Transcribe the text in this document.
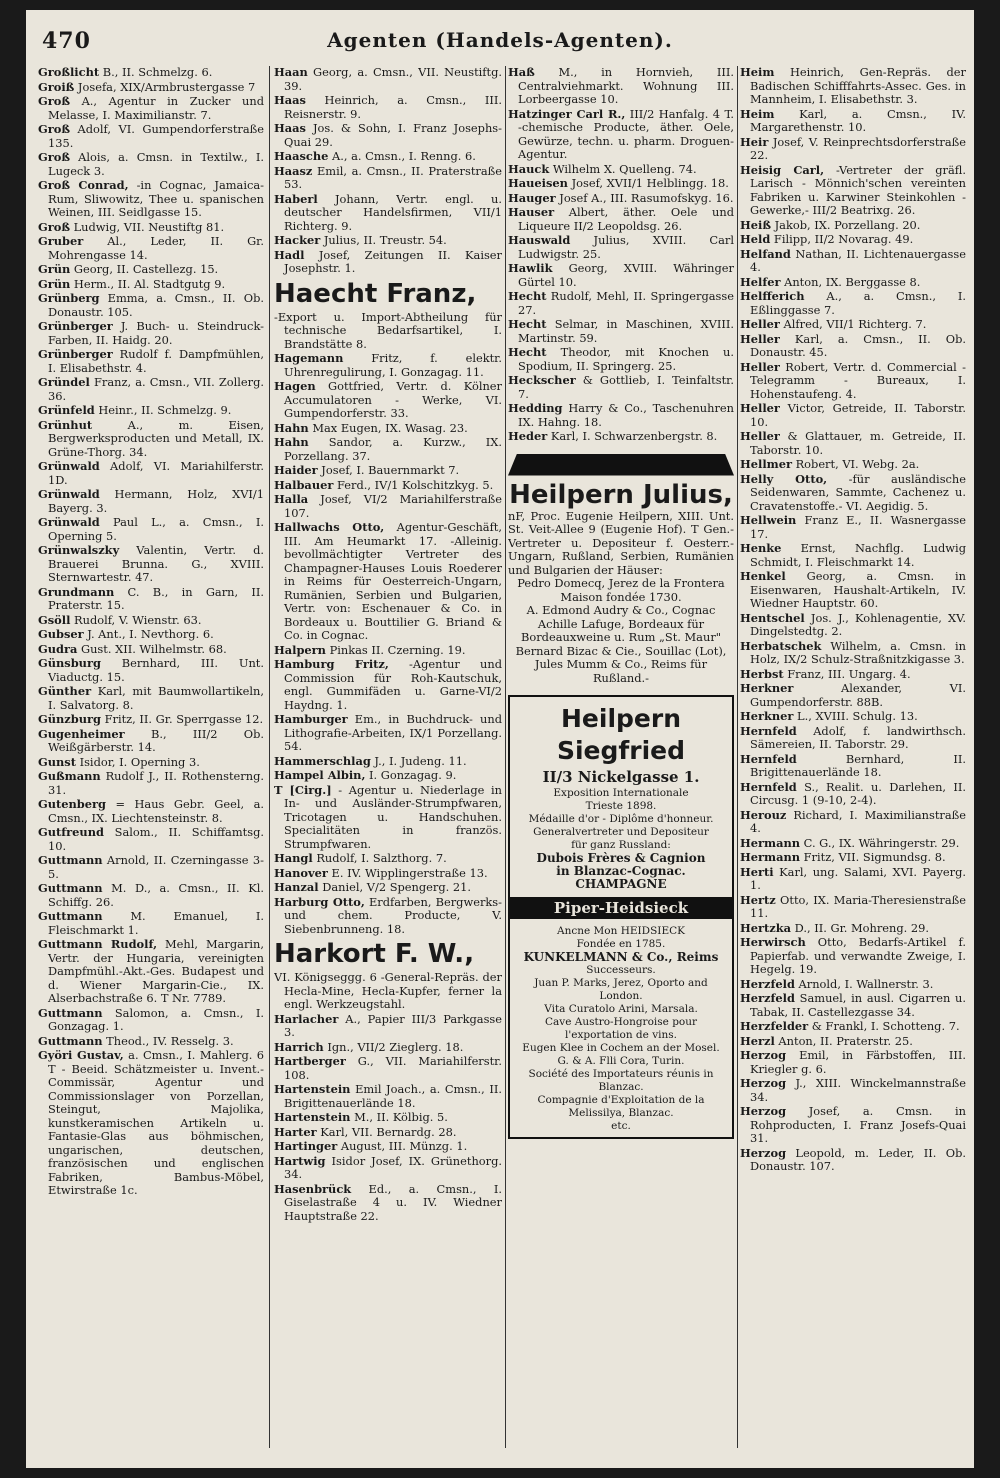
470	Agenten (Handels-Agenten).
Großlicht B., II. Schmelzg. 6.
Groiß Josefa, XIX/Armbrustergasse 7
Groß A., Agentur in Zucker und Melasse, I. Maximilianstr. 7.
Groß Adolf, VI. Gumpendorferstraße 135.
Groß Alois, a. Cmsn. in Textilw., I. Lugeck 3.
Groß Conrad, -in Cognac, Jamaica-Rum, Sliwowitz, Thee u. spanischen Weinen, III. Seidlgasse 15.
Groß Ludwig, VII. Neustiftg 81.
Gruber Al., Leder, II. Gr. Mohrengasse 14.
Grün Georg, II. Castellezg. 15.
Grün Herm., II. Al. Stadtgutg 9.
Grünberg Emma, a. Cmsn., II. Ob. Donaustr. 105.
Grünberger J. Buch- u. Steindruck-Farben, II. Haidg. 20.
Grünberger Rudolf f. Dampfmühlen, I. Elisabethstr. 4.
Gründel Franz, a. Cmsn., VII. Zollerg. 36.
Grünfeld Heinr., II. Schmelzg. 9.
Grünhut A., m. Eisen, Bergwerksproducten und Metall, IX. Grüne-Thorg. 34.
Grünwald Adolf, VI. Mariahilferstr. 1D.
Grünwald Hermann, Holz, XVI/1 Bayerg. 3.
Grünwald Paul L., a. Cmsn., I. Operning 5.
Grünwalszky Valentin, Vertr. d. Brauerei Brunna. G., XVIII. Sternwartestr. 47.
Grundmann C. B., in Garn, II. Praterstr. 15.
Gsöll Rudolf, V. Wienstr. 63.
Gubser J. Ant., I. Nevthorg. 6.
Gudra Gust. XII. Wilhelmstr. 68.
Günsburg Bernhard, III. Unt. Viaductg. 15.
Günther Karl, mit Baumwollartikeln, I. Salvatorg. 8.
Günzburg Fritz, II. Gr. Sperrgasse 12.
Gugenheimer B., III/2 Ob. Weißgärberstr. 14.
Gunst Isidor, I. Operning 3.
Gußmann Rudolf J., II. Rothensterng. 31.
Gutenberg = Haus Gebr. Geel, a. Cmsn., IX. Liechtensteinstr. 8.
Gutfreund Salom., II. Schiffamtsg. 10.
Guttmann Arnold, II. Czerningasse 3-5.
Guttmann M. D., a. Cmsn., II. Kl. Schiffg. 26.
Guttmann M. Emanuel, I. Fleischmarkt 1.
Guttmann Rudolf, Mehl, Margarin, Vertr. der Hungaria, vereinigten Dampfmühl.-Akt.-Ges. Budapest und d. Wiener Margarin-Cie., IX. Alserbachstraße 6. T Nr. 7789.
Guttmann Salomon, a. Cmsn., I. Gonzagag. 1.
Guttmann Theod., IV. Resselg. 3.
Györi Gustav, a. Cmsn., I. Mahlerg. 6 T - Beeid. Schätzmeister u. Invent.-Commissär, Agentur und Commissionslager von Porzellan, Steingut, Majolika, kunstkeramischen Artikeln u. Fantasie-Glas aus böhmischen, ungarischen, deutschen, französischen und englischen Fabriken, Bambus-Möbel, Etwirstraße 1c.
Haan Georg, a. Cmsn., VII. Neustiftg. 39.
Haas Heinrich, a. Cmsn., III. Reisnerstr. 9.
Haas Jos. & Sohn, I. Franz Josephs-Quai 29.
Haasche A., a. Cmsn., I. Renng. 6.
Haasz Emil, a. Cmsn., II. Praterstraße 53.
Haberl Johann, Vertr. engl. u. deutscher Handelsfirmen, VII/1 Richterg. 9.
Hacker Julius, II. Treustr. 54.
Hadl Josef, Zeitungen II. Kaiser Josephstr. 1.
Haecht Franz,
-Export u. Import-Abtheilung für technische Bedarfsartikel, I. Brandstätte 8.
Hagemann Fritz, f. elektr. Uhrenregulirung, I. Gonzagag. 11.
Hagen Gottfried, Vertr. d. Kölner Accumulatoren - Werke, VI. Gumpendorferstr. 33.
Hahn Max Eugen, IX. Wasag. 23.
Hahn Sandor, a. Kurzw., IX. Porzellang. 37.
Haider Josef, I. Bauernmarkt 7.
Halbauer Ferd., IV/1 Kolschitzkyg. 5.
Halla Josef, VI/2 Mariahilferstraße 107.
Hallwachs Otto, Agentur-Geschäft, III. Am Heumarkt 17. -Alleinig. bevollmächtigter Vertreter des Champagner-Hauses Louis Roederer in Reims für Oesterreich-Ungarn, Rumänien, Serbien und Bulgarien, Vertr. von: Eschenauer & Co. in Bordeaux u. Bouttilier G. Briand & Co. in Cognac.
Halpern Pinkas II. Czerning. 19.
Hamburg Fritz, -Agentur und Commission für Roh-Kautschuk, engl. Gummifäden u. Garne-VI/2 Haydng. 1.
Hamburger Em., in Buchdruck- und Lithografie-Arbeiten, IX/1 Porzellang. 54.
Hammerschlag J., I. Judeng. 11.
Hampel Albin, I. Gonzagag. 9.
T [Cirg.] - Agentur u. Niederlage in In- und Ausländer-Strumpfwaren, Tricotagen u. Handschuhen. Specialitäten in französ. Strumpfwaren.
Hangl Rudolf, I. Salzthorg. 7.
Hanover E. IV. Wipplingerstraße 13.
Hanzal Daniel, V/2 Spengerg. 21.
Harburg Otto, Erdfarben, Bergwerks- und chem. Producte, V. Siebenbrunneng. 18.
Harkort F. W.,
VI. Königseggg. 6 -General-Repräs. der Hecla-Mine, Hecla-Kupfer, ferner la engl. Werkzeugstahl.
Harlacher A., Papier III/3 Parkgasse 3.
Harrich Ign., VII/2 Zieglerg. 18.
Hartberger G., VII. Mariahilferstr. 108.
Hartenstein Emil Joach., a. Cmsn., II. Brigittenauerlände 18.
Hartenstein M., II. Kölbig. 5.
Harter Karl, VII. Bernardg. 28.
Hartinger August, III. Münzg. 1.
Hartwig Isidor Josef, IX. Grünethorg. 34.
Hasenbrück Ed., a. Cmsn., I. Giselastraße 4 u. IV. Wiedner Hauptstraße 22.
Haß M., in Hornvieh, III. Centralviehmarkt. Wohnung III. Lorbeergasse 10.
Hatzinger Carl R., III/2 Hanfalg. 4 T. -chemische Producte, äther. Oele, Gewürze, techn. u. pharm. Droguen-Agentur.
Hauck Wilhelm X. Quelleng. 74.
Haueisen Josef, XVII/1 Helblingg. 18.
Hauger Josef A., III. Rasumofskyg. 16.
Hauser Albert, äther. Oele und Liqueure II/2 Leopoldsg. 26.
Hauswald Julius, XVIII. Carl Ludwigstr. 25.
Hawlik Georg, XVIII. Währinger Gürtel 10.
Hecht Rudolf, Mehl, II. Springergasse 27.
Hecht Selmar, in Maschinen, XVIII. Martinstr. 59.
Hecht Theodor, mit Knochen u. Spodium, II. Springerg. 25.
Heckscher & Gottlieb, I. Teinfaltstr. 7.
Hedding Harry & Co., Taschenuhren IX. Hahng. 18.
Heder Karl, I. Schwarzenbergstr. 8.
Heilpern Julius,
nF, Proc. Eugenie Heilpern, XIII. Unt. St. Veit-Allee 9 (Eugenie Hof). T Gen.-Vertreter u. Depositeur f. Oesterr.-Ungarn, Rußland, Serbien, Rumänien und Bulgarien der Häuser:
Pedro Domecq, Jerez de la Frontera Maison fondée 1730.
A. Edmond Audry & Co., Cognac Achille Lafuge, Bordeaux für Bordeauxweine u. Rum „St. Maur" Bernard Bizac & Cie., Souillac (Lot), Jules Mumm & Co., Reims für Rußland.-
Heilpern Siegfried
II/3 Nickelgasse 1.
Exposition Internationale
Trieste 1898.
Médaille d'or - Diplôme d'honneur.
Generalvertreter und Depositeur
für ganz Russland:
Dubois Frères & Cagnion
in Blanzac-Cognac.
CHAMPAGNE
Piper-Heidsieck
Ancne Mon HEIDSIECK
Fondée en 1785.
KUNKELMANN & Co., Reims
Successeurs.
Juan P. Marks, Jerez, Oporto and London.
Vita Curatolo Arini, Marsala.
Cave Austro-Hongroise pour l'exportation de vins.
Eugen Klee in Cochem an der Mosel.
G. & A. Flli Cora, Turin.
Société des Importateurs réunis in Blanzac.
Compagnie d'Exploitation de la Melissilya, Blanzac.
etc.
Heim Heinrich, Gen-Repräs. der Badischen Schifffahrts-Assec. Ges. in Mannheim, I. Elisabethstr. 3.
Heim Karl, a. Cmsn., IV. Margarethenstr. 10.
Heir Josef, V. Reinprechtsdorferstraße 22.
Heisig Carl, -Vertreter der gräfl. Larisch - Mönnich'schen vereinten Fabriken u. Karwiner Steinkohlen - Gewerke,- III/2 Beatrixg. 26.
Heiß Jakob, IX. Porzellang. 20.
Held Filipp, II/2 Novarag. 49.
Helfand Nathan, II. Lichtenauergasse 4.
Helfer Anton, IX. Berggasse 8.
Helfferich A., a. Cmsn., I. Eßlinggasse 7.
Heller Alfred, VII/1 Richterg. 7.
Heller Karl, a. Cmsn., II. Ob. Donaustr. 45.
Heller Robert, Vertr. d. Commercial - Telegramm - Bureaux, I. Hohenstaufeng. 4.
Heller Victor, Getreide, II. Taborstr. 10.
Heller & Glattauer, m. Getreide, II. Taborstr. 10.
Hellmer Robert, VI. Webg. 2a.
Helly Otto, -für ausländische Seidenwaren, Sammte, Cachenez u. Cravatenstoffe.- VI. Aegidig. 5.
Hellwein Franz E., II. Wasnergasse 17.
Henke Ernst, Nachflg. Ludwig Schmidt, I. Fleischmarkt 14.
Henkel Georg, a. Cmsn. in Eisenwaren, Haushalt-Artikeln, IV. Wiedner Hauptstr. 60.
Hentschel Jos. J., Kohlenagentie, XV. Dingelstedtg. 2.
Herbatschek Wilhelm, a. Cmsn. in Holz, IX/2 Schulz-Straßnitzkigasse 3.
Herbst Franz, III. Ungarg. 4.
Herkner Alexander, VI. Gumpendorferstr. 88B.
Herkner L., XVIII. Schulg. 13.
Hernfeld Adolf, f. landwirthsch. Sämereien, II. Taborstr. 29.
Hernfeld Bernhard, II. Brigittenauerlände 18.
Hernfeld S., Realit. u. Darlehen, II. Circusg. 1 (9-10, 2-4).
Herouz Richard, I. Maximilianstraße 4.
Hermann C. G., IX. Währingerstr. 29.
Hermann Fritz, VII. Sigmundsg. 8.
Herti Karl, ung. Salami, XVI. Payerg. 1.
Hertz Otto, IX. Maria-Theresienstraße 11.
Hertzka D., II. Gr. Mohreng. 29.
Herwirsch Otto, Bedarfs-Artikel f. Papierfab. und verwandte Zweige, I. Hegelg. 19.
Herzfeld Arnold, I. Wallnerstr. 3.
Herzfeld Samuel, in ausl. Cigarren u. Tabak, II. Castellezgasse 34.
Herzfelder & Frankl, I. Schotteng. 7.
Herzl Anton, II. Praterstr. 25.
Herzog Emil, in Färbstoffen, III. Kriegler g. 6.
Herzog J., XIII. Winckelmannstraße 34.
Herzog Josef, a. Cmsn. in Rohproducten, I. Franz Josefs-Quai 31.
Herzog Leopold, m. Leder, II. Ob. Donaustr. 107.
